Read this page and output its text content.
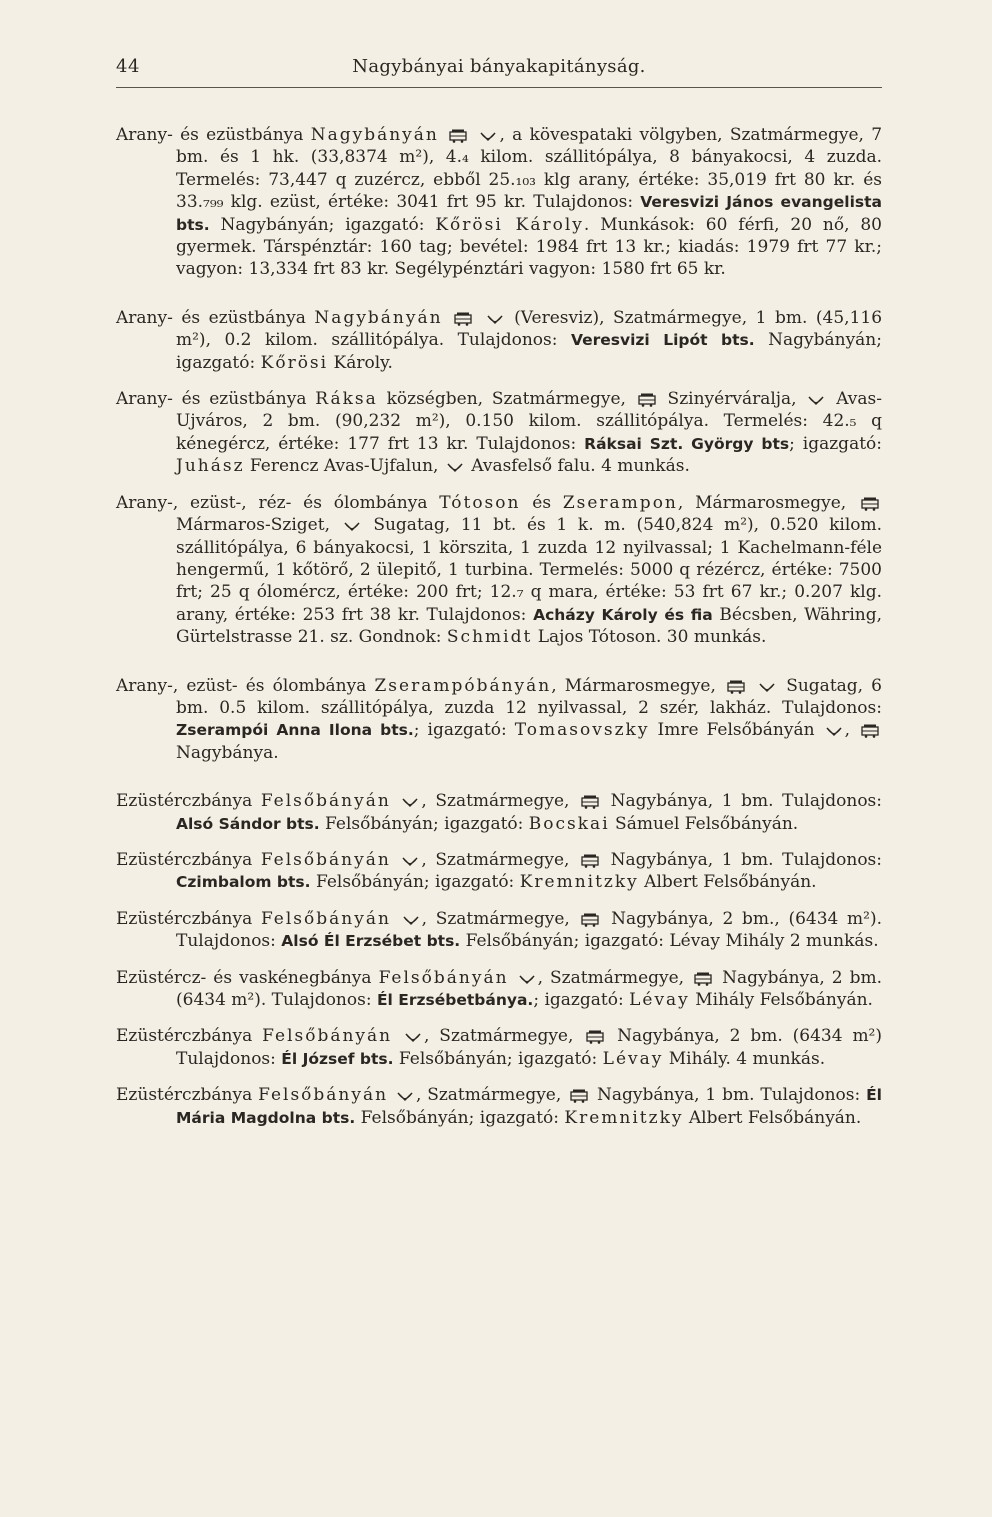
44	Nagybányai bányakapitányság.

Arany- és ezüstbánya Nagybányán
	, a kövespataki völgyben, Szatmármegye, 7 bm. és 1 hk. (33,8374 m²), 4.₄ kilom. szállitópálya, 8 bányakocsi, 4 zuzda. Termelés: 73,447 q zuzércz, ebből 25.₁₀₃ klg arany, értéke: 35,019 frt 80 kr. és 33.₇₉₉ klg. ezüst, értéke: 3041 frt 95 kr. Tulajdonos: Veresvizi János evangelista bts. Nagybányán; igazgató: Kőrösi Károly. Munkások: 60 férfi, 20 nő, 80 gyermek. Társpénztár: 160 tag; bevétel: 1984 frt 13 kr.; kiadás: 1979 frt 77 kr.; vagyon: 13,334 frt 83 kr. Segélypénztári vagyon: 1580 frt 65 kr.

Arany- és ezüstbánya Nagybányán
	(Veresviz), Szatmármegye, 1 bm. (45,116 m²), 0.2 kilom. szállitópálya. Tulajdonos: Veresvizi Lipót bts. Nagybányán; igazgató: Kőrösi Károly.

Arany- és ezüstbánya Ráksa községben, Szatmármegye,
Szinyérváralja,
Avas-Ujváros, 2 bm. (90,232 m²), 0.150 kilom. szállitópálya. Termelés: 42.₅ q kénegércz, értéke: 177 frt 13 kr. Tulajdonos: Ráksai Szt. György bts; igazgató: Juhász Ferencz Avas-Ujfalun,
Avasfelső falu. 4 munkás.

Arany-, ezüst-, réz- és ólombánya Tótoson és Zserampon, Mármarosmegye,
Mármaros-Sziget,
Sugatag, 11 bt. és 1 k. m. (540,824 m²), 0.520 kilom. szállitópálya, 6 bányakocsi, 1 körszita, 1 zuzda 12 nyilvassal; 1 Kachelmann-féle hengermű, 1 kőtörő, 2 ülepitő, 1 turbina. Termelés: 5000 q rézércz, értéke: 7500 frt; 25 q ólomércz, értéke: 200 frt; 12.₇ q mara, értéke: 53 frt 67 kr.; 0.207 klg. arany, értéke: 253 frt 38 kr. Tulajdonos: Acházy Károly és fia Bécsben, Währing, Gürtelstrasse 21. sz. Gondnok: Schmidt Lajos Tótoson. 30 munkás.

Arany-, ezüst- és ólombánya Zserampóbányán, Mármarosmegye,
	Sugatag, 6 bm. 0.5 kilom. szállitópálya, zuzda 12 nyilvassal, 2 szér, lakház. Tulajdonos: Zserampói Anna Ilona bts.; igazgató: Tomasovszky Imre Felsőbányán
,
Nagybánya.

Ezüstérczbánya Felsőbányán , Szatmármegye,
Nagybánya, 1 bm. Tulajdonos: Alsó Sándor bts. Felsőbányán; igazgató: Bocskai Sámuel Felsőbányán.

Ezüstérczbánya Felsőbányán , Szatmármegye,
Nagybánya, 1 bm. Tulajdonos: Czimbalom bts. Felsőbányán; igazgató: Kremnitzky Albert Felsőbányán.

Ezüstérczbánya Felsőbányán , Szatmármegye,
Nagybánya, 2 bm., (6434 m²). Tulajdonos: Alsó Él Erzsébet bts. Felsőbányán; igazgató: Lévay Mihály 2 munkás.

Ezüstércz- és vaskénegbánya Felsőbányán , Szatmármegye,
Nagybánya, 2 bm. (6434 m²). Tulajdonos: Él Erzsébetbánya.; igazgató: Lévay Mihály Felsőbányán.

Ezüstérczbánya Felsőbányán , Szatmármegye,
Nagybánya, 2 bm. (6434 m²) Tulajdonos: Él József bts. Felsőbányán; igazgató: Lévay Mihály. 4 munkás.

Ezüstérczbánya Felsőbányán , Szatmármegye,
Nagybánya, 1 bm. Tulajdonos: Él Mária Magdolna bts. Felsőbányán; igazgató: Kremnitzky Albert Felsőbányán.
